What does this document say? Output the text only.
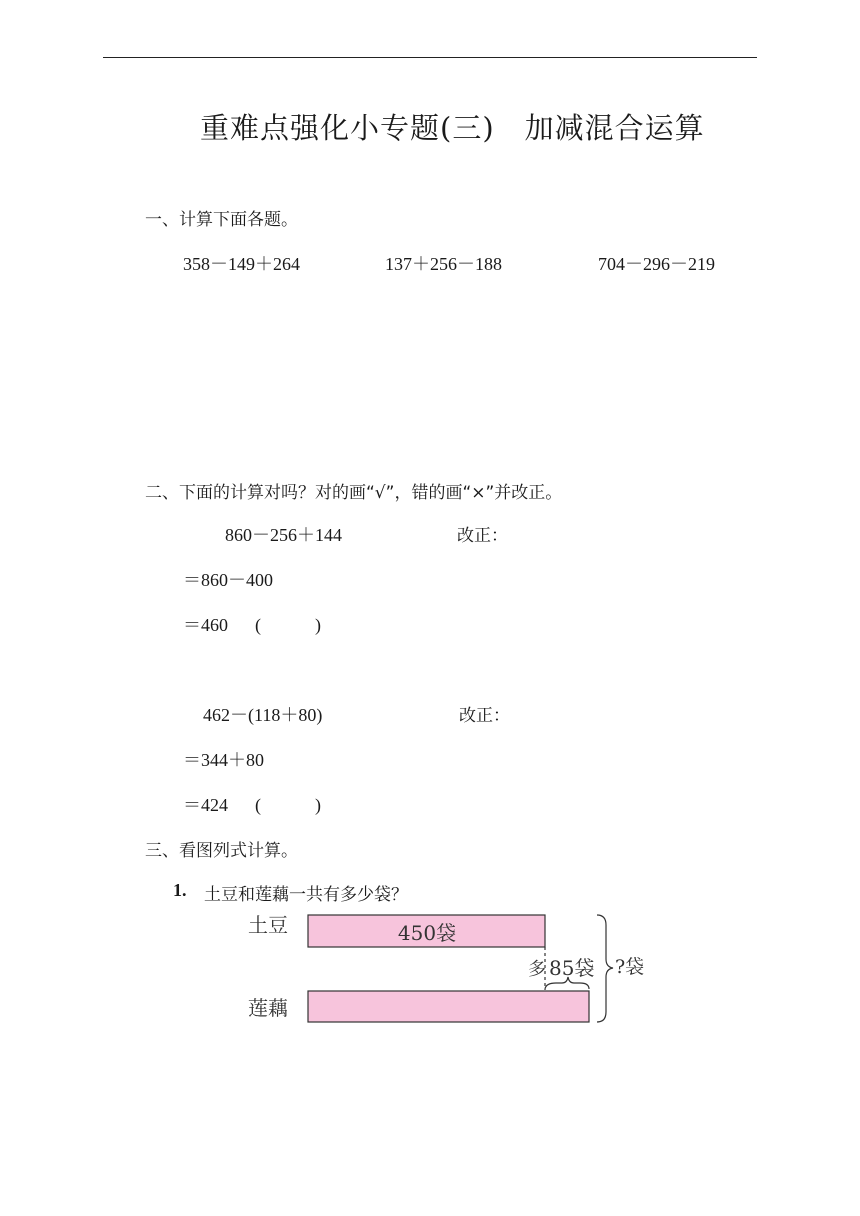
重难点强化小专题(三)　加减混合运算
一、计算下面各题。
358－149＋264	137＋256－188	704－296－219
二、下面的计算对吗？对的画“√”，错的画“×”并改正。
860－256＋144	改正：
＝860－400
＝460 (　　　)
462－(118＋80)	改正：
＝344＋80
＝424 (　　　)
三、看图列式计算。
1. 土豆和莲藕一共有多少袋？
土豆	450袋
多 85袋
莲藕
?袋
